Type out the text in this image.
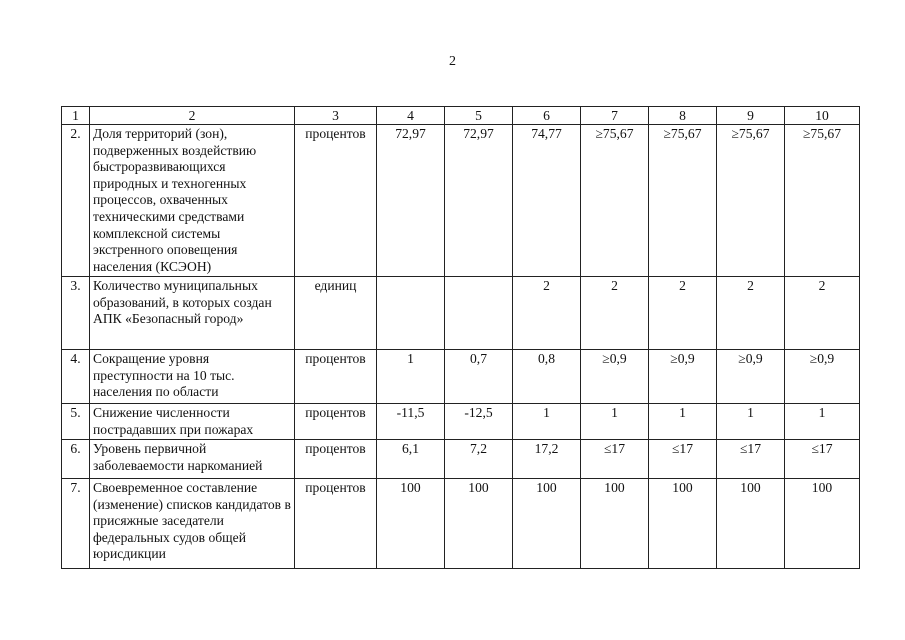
2
1	2	3	4	5	6	7	8	9	10
2.	Доля территорий (зон), подверженных воздействию быстроразвивающихся природных и техногенных процессов, охваченных техническими средствами комплексной системы экстренного оповещения населения (КСЭОН)	процентов	72,97	72,97	74,77	≥75,67	≥75,67	≥75,67	≥75,67
3.	Количество муниципальных образований, в которых создан АПК «Безопасный город»	единиц			2	2	2	2	2
4.	Сокращение уровня преступности на 10 тыс. населения по области	процентов	1	0,7	0,8	≥0,9	≥0,9	≥0,9	≥0,9
5.	Снижение численности пострадавших при пожарах	процентов	-11,5	-12,5	1	1	1	1	1
6.	Уровень первичной заболеваемости наркоманией	процентов	6,1	7,2	17,2	≤17	≤17	≤17	≤17
7.	Своевременное составление (изменение) списков кандидатов в присяжные заседатели федеральных судов общей юрисдикции	процентов	100	100	100	100	100	100	100
